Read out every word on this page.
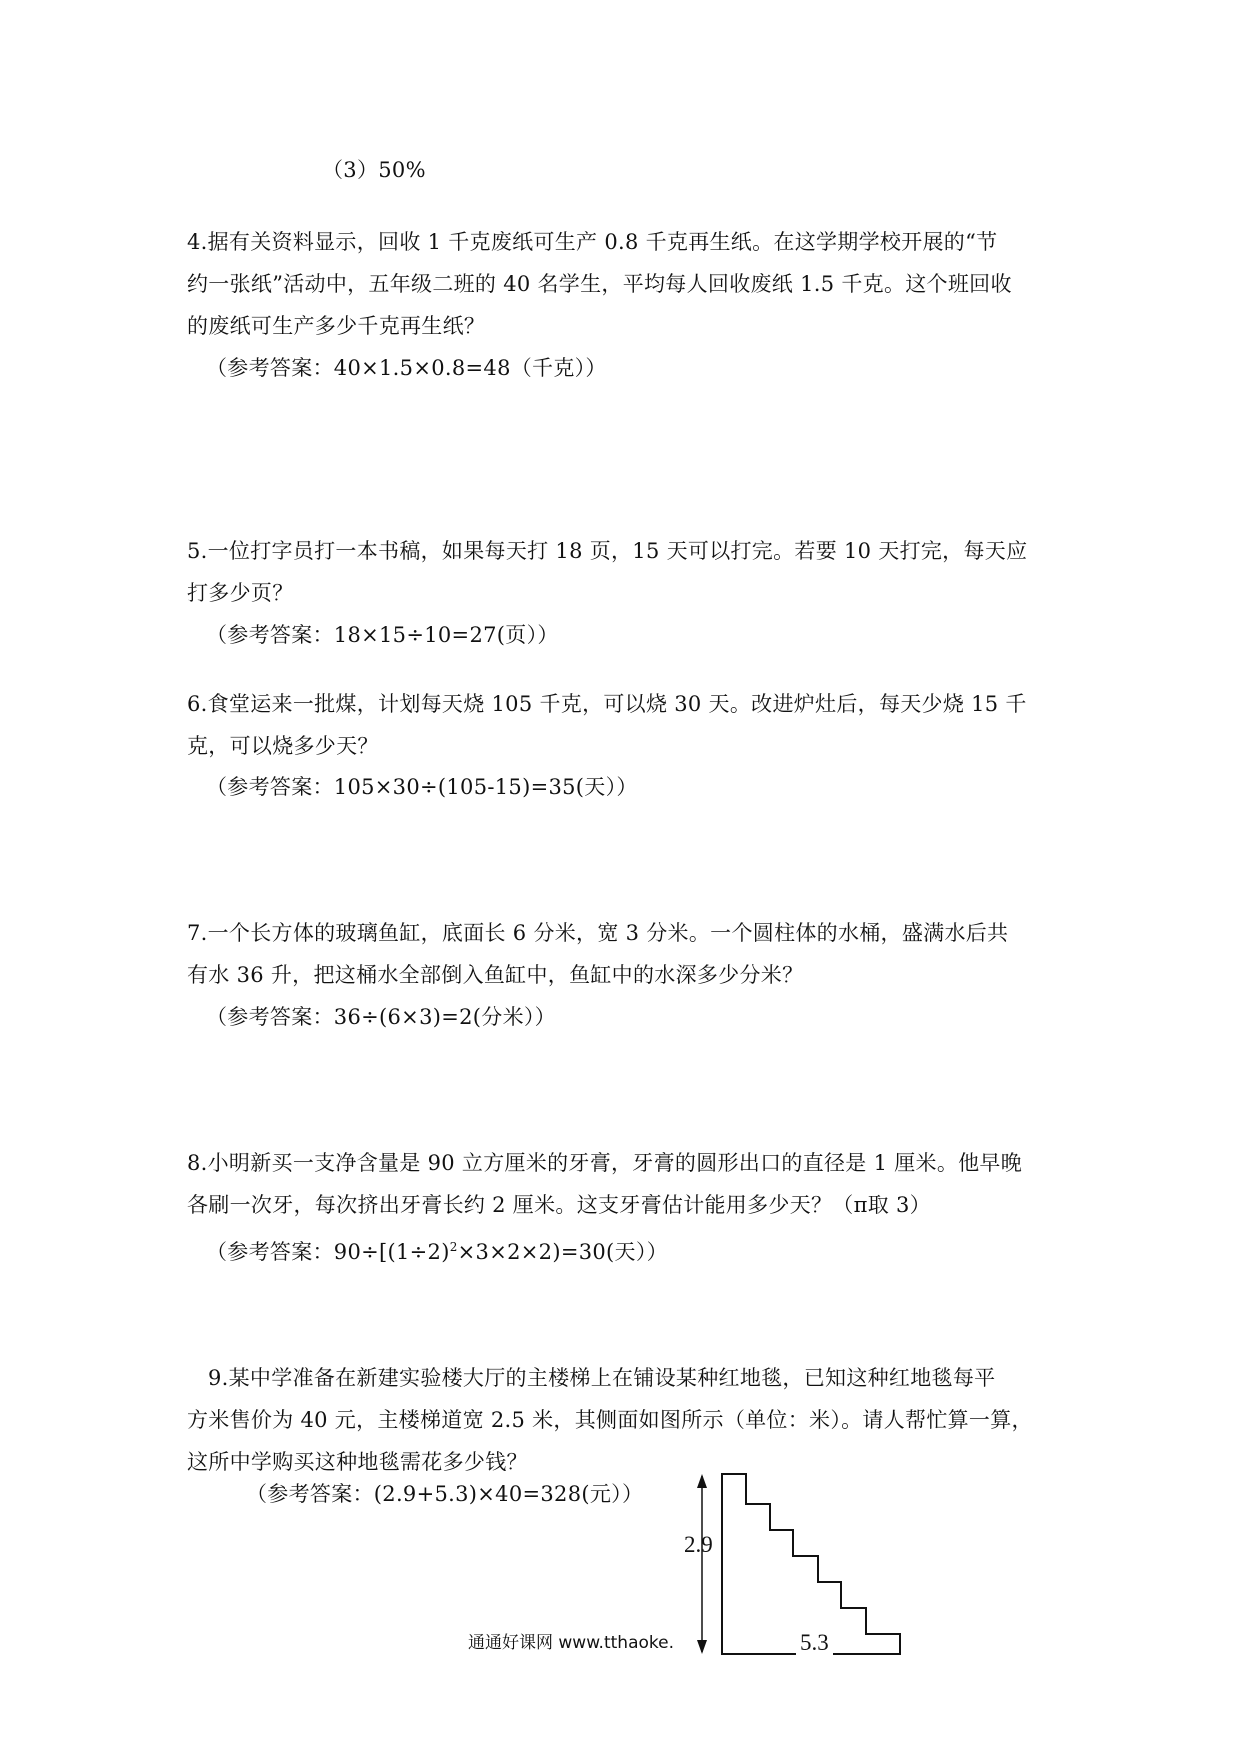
（3）50%
4.据有关资料显示，回收 1 千克废纸可生产 0.8 千克再生纸。在这学期学校开展的“节
约一张纸”活动中，五年级二班的 40 名学生，平均每人回收废纸 1.5 千克。这个班回收
的废纸可生产多少千克再生纸？
（参考答案：40×1.5×0.8=48（千克））
5.一位打字员打一本书稿，如果每天打 18 页，15 天可以打完。若要 10 天打完，每天应
打多少页？
（参考答案：18×15÷10=27(页））
6.食堂运来一批煤，计划每天烧 105 千克，可以烧 30 天。改进炉灶后，每天少烧 15 千
克，可以烧多少天？
（参考答案：105×30÷(105-15)=35(天））
7.一个长方体的玻璃鱼缸，底面长 6 分米，宽 3 分米。一个圆柱体的水桶，盛满水后共
有水 36 升，把这桶水全部倒入鱼缸中，鱼缸中的水深多少分米？
（参考答案：36÷(6×3)=2(分米））
8.小明新买一支净含量是 90 立方厘米的牙膏，牙膏的圆形出口的直径是 1 厘米。他早晚
各刷一次牙，每次挤出牙膏长约 2 厘米。这支牙膏估计能用多少天？（π取 3）
（参考答案：$90\div[(1\div 2)^2\times 3\times 2\times 2)=30$(天））
9.某中学准备在新建实验楼大厅的主楼梯上在铺设某种红地毯，已知这种红地毯每平
方米售价为 40 元，主楼梯道宽 2.5 米，其侧面如图所示（单位：米）。请人帮忙算一算，
这所中学购买这种地毯需花多少钱？
（参考答案：(2.9+5.3)×40=328(元））
2.9
5.3
通通好课网 www.tthaoke.
